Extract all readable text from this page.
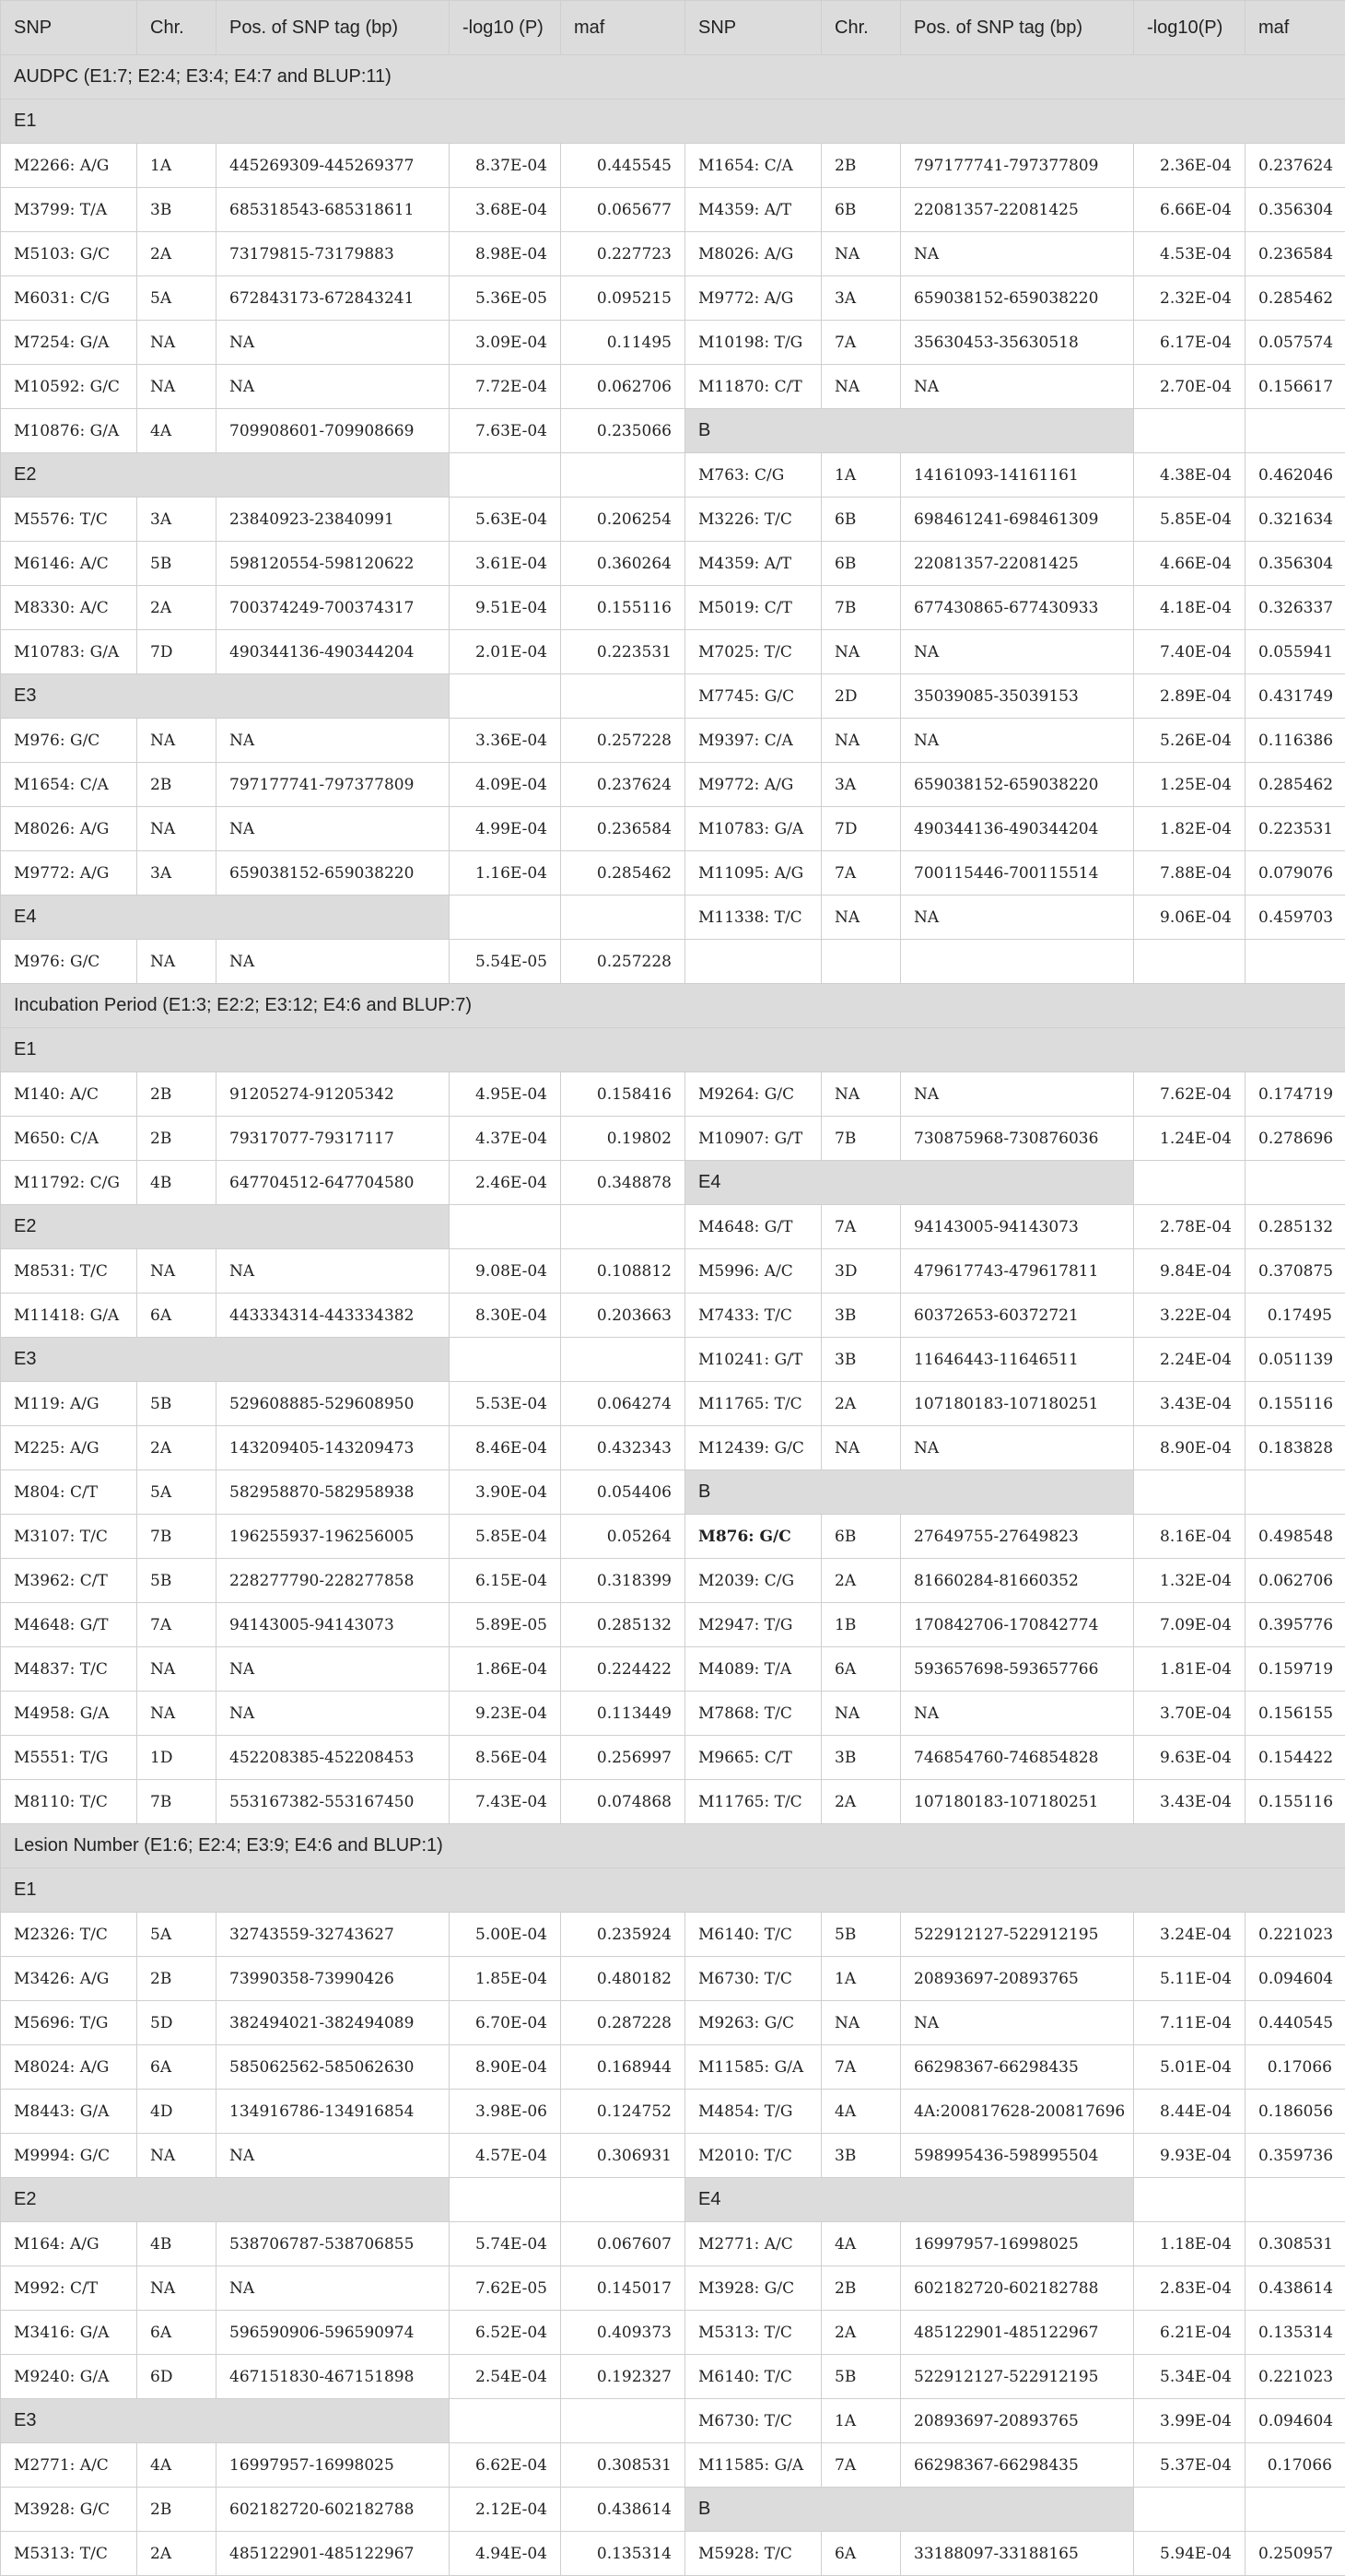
SNP	Chr.	Pos. of SNP tag (bp)	-log10 (P)	maf	SNP	Chr.	Pos. of SNP tag (bp)	-log10(P)	maf
AUDPC (E1:7; E2:4; E3:4; E4:7 and BLUP:11)									
E1									
M2266: A/G	1A	445269309-445269377	8.37E-04	0.445545	M1654: C/A	2B	797177741-797377809	2.36E-04	0.237624
M3799: T/A	3B	685318543-685318611	3.68E-04	0.065677	M4359: A/T	6B	22081357-22081425	6.66E-04	0.356304
M5103: G/C	2A	73179815-73179883	8.98E-04	0.227723	M8026: A/G	NA	NA	4.53E-04	0.236584
M6031: C/G	5A	672843173-672843241	5.36E-05	0.095215	M9772: A/G	3A	659038152-659038220	2.32E-04	0.285462
M7254: G/A	NA	NA	3.09E-04	0.11495	M10198: T/G	7A	35630453-35630518	6.17E-04	0.057574
M10592: G/C	NA	NA	7.72E-04	0.062706	M11870: C/T	NA	NA	2.70E-04	0.156617
M10876: G/A	4A	709908601-709908669	7.63E-04	0.235066	B				
E2					M763: C/G	1A	14161093-14161161	4.38E-04	0.462046
M5576: T/C	3A	23840923-23840991	5.63E-04	0.206254	M3226: T/C	6B	698461241-698461309	5.85E-04	0.321634
M6146: A/C	5B	598120554-598120622	3.61E-04	0.360264	M4359: A/T	6B	22081357-22081425	4.66E-04	0.356304
M8330: A/C	2A	700374249-700374317	9.51E-04	0.155116	M5019: C/T	7B	677430865-677430933	4.18E-04	0.326337
M10783: G/A	7D	490344136-490344204	2.01E-04	0.223531	M7025: T/C	NA	NA	7.40E-04	0.055941
E3					M7745: G/C	2D	35039085-35039153	2.89E-04	0.431749
M976: G/C	NA	NA	3.36E-04	0.257228	M9397: C/A	NA	NA	5.26E-04	0.116386
M1654: C/A	2B	797177741-797377809	4.09E-04	0.237624	M9772: A/G	3A	659038152-659038220	1.25E-04	0.285462
M8026: A/G	NA	NA	4.99E-04	0.236584	M10783: G/A	7D	490344136-490344204	1.82E-04	0.223531
M9772: A/G	3A	659038152-659038220	1.16E-04	0.285462	M11095: A/G	7A	700115446-700115514	7.88E-04	0.079076
E4					M11338: T/C	NA	NA	9.06E-04	0.459703
M976: G/C	NA	NA	5.54E-05	0.257228					
Incubation Period (E1:3; E2:2; E3:12; E4:6 and BLUP:7)									
E1									
M140: A/C	2B	91205274-91205342	4.95E-04	0.158416	M9264: G/C	NA	NA	7.62E-04	0.174719
M650: C/A	2B	79317077-79317117	4.37E-04	0.19802	M10907: G/T	7B	730875968-730876036	1.24E-04	0.278696
M11792: C/G	4B	647704512-647704580	2.46E-04	0.348878	E4				
E2					M4648: G/T	7A	94143005-94143073	2.78E-04	0.285132
M8531: T/C	NA	NA	9.08E-04	0.108812	M5996: A/C	3D	479617743-479617811	9.84E-04	0.370875
M11418: G/A	6A	443334314-443334382	8.30E-04	0.203663	M7433: T/C	3B	60372653-60372721	3.22E-04	0.17495
E3					M10241: G/T	3B	11646443-11646511	2.24E-04	0.051139
M119: A/G	5B	529608885-529608950	5.53E-04	0.064274	M11765: T/C	2A	107180183-107180251	3.43E-04	0.155116
M225: A/G	2A	143209405-143209473	8.46E-04	0.432343	M12439: G/C	NA	NA	8.90E-04	0.183828
M804: C/T	5A	582958870-582958938	3.90E-04	0.054406	B				
M3107: T/C	7B	196255937-196256005	5.85E-04	0.05264	M876: G/C	6B	27649755-27649823	8.16E-04	0.498548
M3962: C/T	5B	228277790-228277858	6.15E-04	0.318399	M2039: C/G	2A	81660284-81660352	1.32E-04	0.062706
M4648: G/T	7A	94143005-94143073	5.89E-05	0.285132	M2947: T/G	1B	170842706-170842774	7.09E-04	0.395776
M4837: T/C	NA	NA	1.86E-04	0.224422	M4089: T/A	6A	593657698-593657766	1.81E-04	0.159719
M4958: G/A	NA	NA	9.23E-04	0.113449	M7868: T/C	NA	NA	3.70E-04	0.156155
M5551: T/G	1D	452208385-452208453	8.56E-04	0.256997	M9665: C/T	3B	746854760-746854828	9.63E-04	0.154422
M8110: T/C	7B	553167382-553167450	7.43E-04	0.074868	M11765: T/C	2A	107180183-107180251	3.43E-04	0.155116
Lesion Number (E1:6; E2:4; E3:9; E4:6 and BLUP:1)									
E1									
M2326: T/C	5A	32743559-32743627	5.00E-04	0.235924	M6140: T/C	5B	522912127-522912195	3.24E-04	0.221023
M3426: A/G	2B	73990358-73990426	1.85E-04	0.480182	M6730: T/C	1A	20893697-20893765	5.11E-04	0.094604
M5696: T/G	5D	382494021-382494089	6.70E-04	0.287228	M9263: G/C	NA	NA	7.11E-04	0.440545
M8024: A/G	6A	585062562-585062630	8.90E-04	0.168944	M11585: G/A	7A	66298367-66298435	5.01E-04	0.17066
M8443: G/A	4D	134916786-134916854	3.98E-06	0.124752	M4854: T/G	4A	4A:200817628-200817696	8.44E-04	0.186056
M9994: G/C	NA	NA	4.57E-04	0.306931	M2010: T/C	3B	598995436-598995504	9.93E-04	0.359736
E2					E4				
M164: A/G	4B	538706787-538706855	5.74E-04	0.067607	M2771: A/C	4A	16997957-16998025	1.18E-04	0.308531
M992: C/T	NA	NA	7.62E-05	0.145017	M3928: G/C	2B	602182720-602182788	2.83E-04	0.438614
M3416: G/A	6A	596590906-596590974	6.52E-04	0.409373	M5313: T/C	2A	485122901-485122967	6.21E-04	0.135314
M9240: G/A	6D	467151830-467151898	2.54E-04	0.192327	M6140: T/C	5B	522912127-522912195	5.34E-04	0.221023
E3					M6730: T/C	1A	20893697-20893765	3.99E-04	0.094604
M2771: A/C	4A	16997957-16998025	6.62E-04	0.308531	M11585: G/A	7A	66298367-66298435	5.37E-04	0.17066
M3928: G/C	2B	602182720-602182788	2.12E-04	0.438614	B				
M5313: T/C	2A	485122901-485122967	4.94E-04	0.135314	M5928: T/C	6A	33188097-33188165	5.94E-04	0.250957
